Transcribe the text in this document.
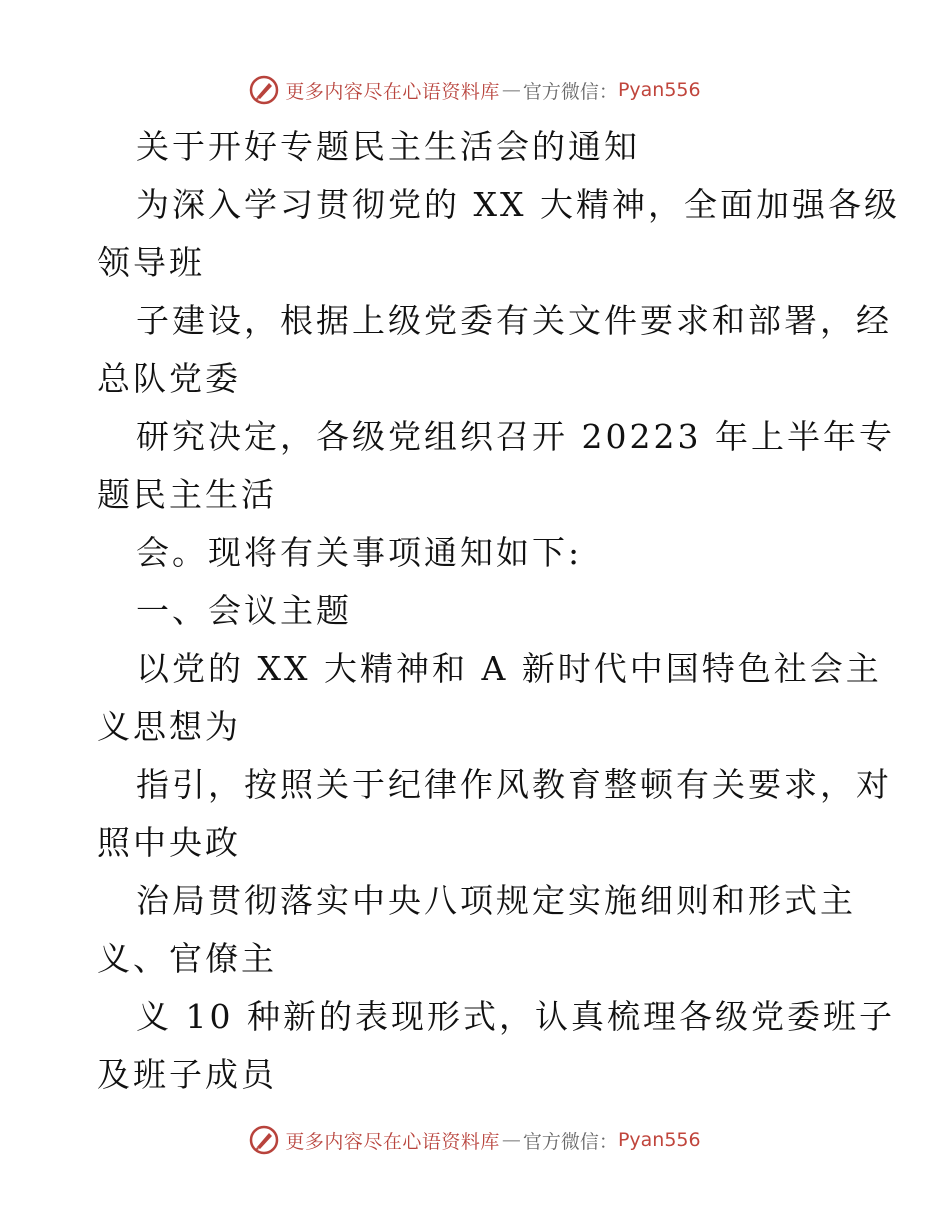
更多内容尽在心语资料库 — 官方微信： Pyan556
关于开好专题民主生活会的通知
为深入学习贯彻党的 XX 大精神，全面加强各级
领导班
子建设，根据上级党委有关文件要求和部署，经
总队党委
研究决定，各级党组织召开 20223 年上半年专
题民主生活
会。现将有关事项通知如下:
一、会议主题
以党的 XX 大精神和 A 新时代中国特色社会主
义思想为
指引，按照关于纪律作风教育整顿有关要求，对
照中央政
治局贯彻落实中央八项规定实施细则和形式主
义、官僚主
义 10 种新的表现形式，认真梳理各级党委班子
及班子成员
更多内容尽在心语资料库 — 官方微信： Pyan556
